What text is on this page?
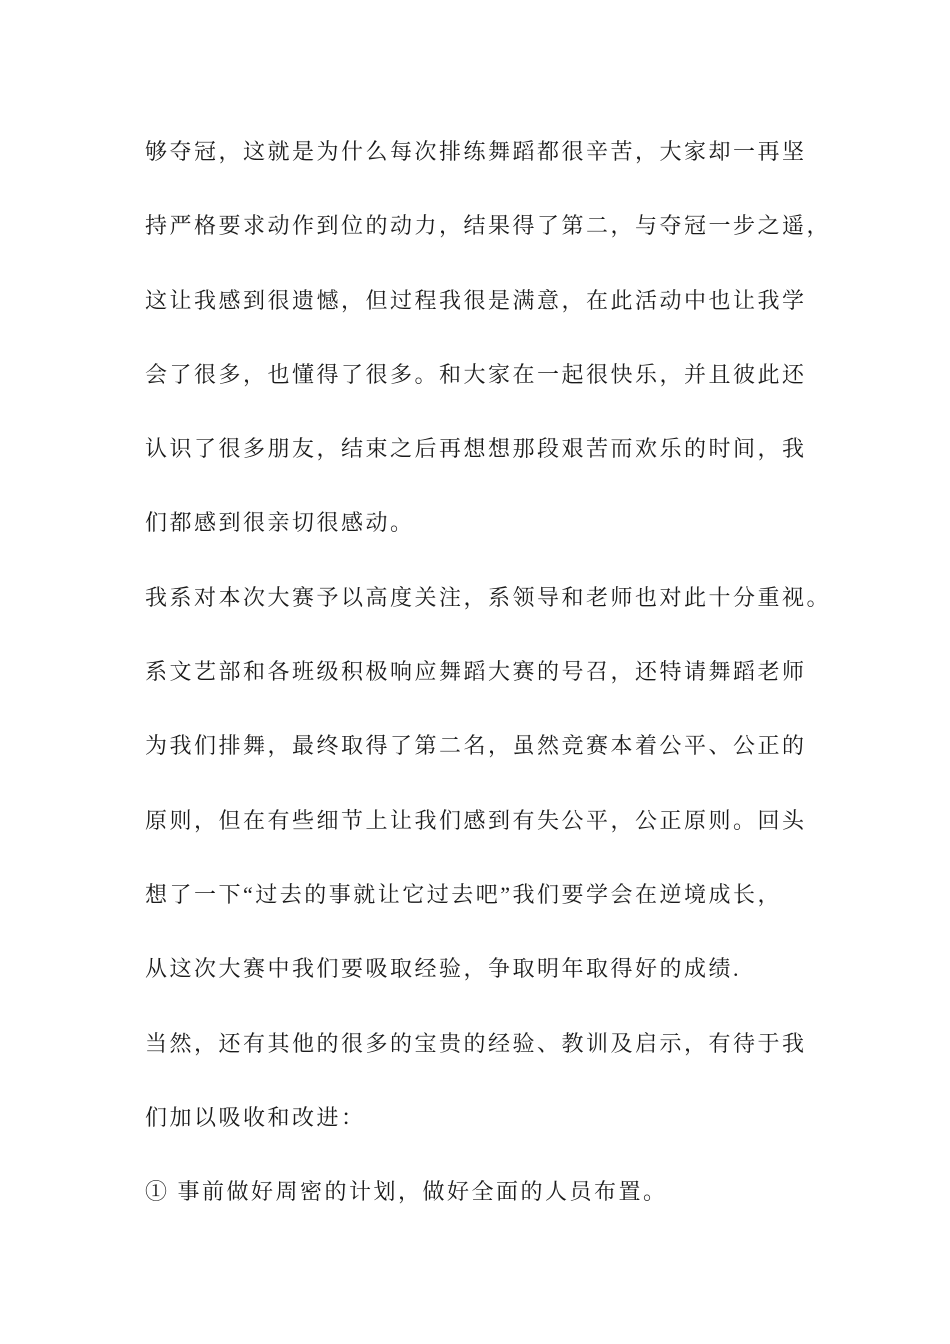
够夺冠，这就是为什么每次排练舞蹈都很辛苦，大家却一再坚
持严格要求动作到位的动力，结果得了第二，与夺冠一步之遥，
这让我感到很遗憾，但过程我很是满意，在此活动中也让我学
会了很多，也懂得了很多。和大家在一起很快乐，并且彼此还
认识了很多朋友，结束之后再想想那段艰苦而欢乐的时间，我
们都感到很亲切很感动。
我系对本次大赛予以高度关注，系领导和老师也对此十分重视。
系文艺部和各班级积极响应舞蹈大赛的号召，还特请舞蹈老师
为我们排舞，最终取得了第二名，虽然竞赛本着公平、公正的
原则，但在有些细节上让我们感到有失公平，公正原则。回头
想了一下“过去的事就让它过去吧”我们要学会在逆境成长，
从这次大赛中我们要吸取经验，争取明年取得好的成绩.
当然，还有其他的很多的宝贵的经验、教训及启示，有待于我
们加以吸收和改进：
① 事前做好周密的计划，做好全面的人员布置。
